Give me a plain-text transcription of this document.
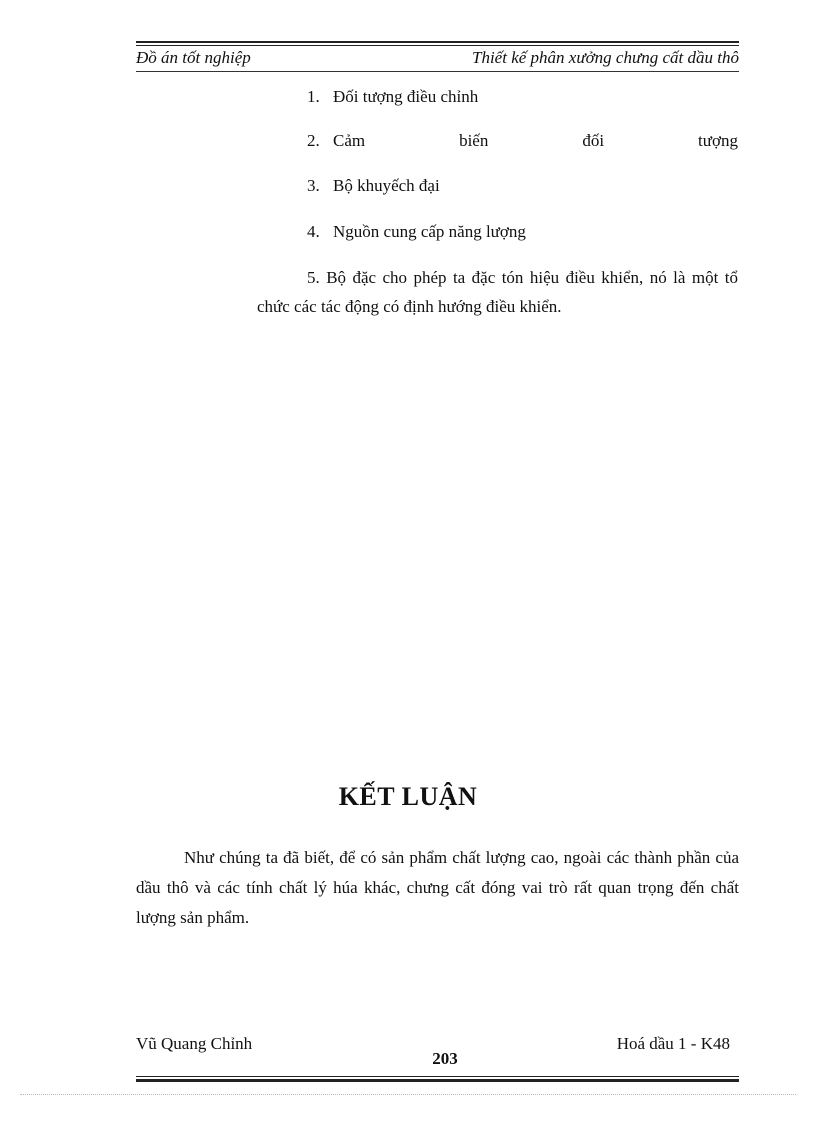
Đồ án tốt nghiệp	Thiết kế phân xưởng chưng cất dầu thô
1. Đối tượng điều chỉnh
2. Cảm	biến	đối	tượng
3. Bộ khuyếch đại
4. Nguồn cung cấp năng lượng
5. Bộ đặc cho phép ta đặc tón hiệu điều khiển, nó là một tổ chức các tác động có định hướng điều khiển.
KẾT LUẬN
Như chúng ta đã biết, để có sản phẩm chất lượng cao, ngoài các thành phần của dầu thô và các tính chất lý húa khác, chưng cất đóng vai trò rất quan trọng đến chất lượng sản phẩm.
Vũ Quang Chỉnh	Hoá dầu 1 - K48
203
